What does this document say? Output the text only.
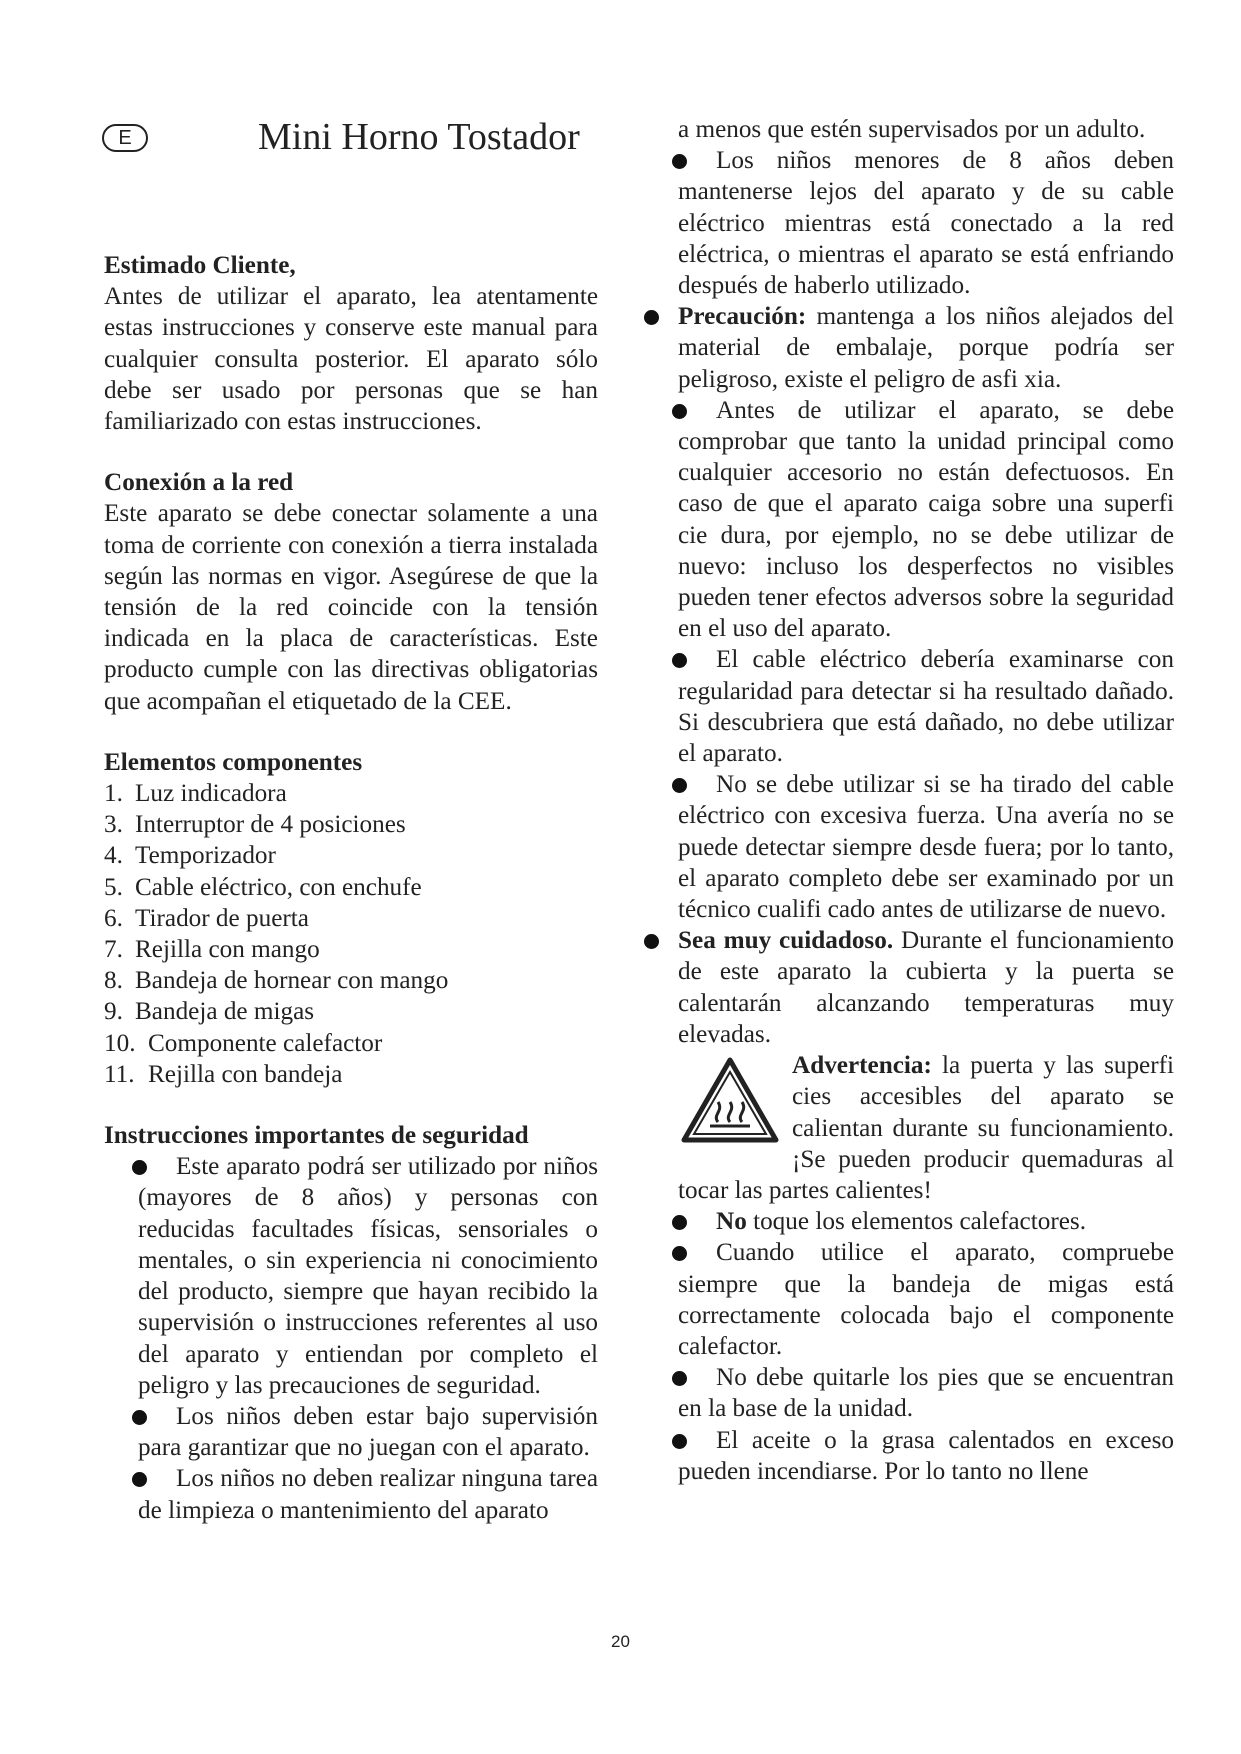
E	Mini Horno Tostador
Estimado Cliente,

Antes de utilizar el aparato, lea atentamente estas instrucciones y conserve este manual para cualquier consulta posterior. El aparato sólo debe ser usado por personas que se han familiarizado con estas instrucciones.

Conexión a la red

Este aparato se debe conectar solamente a una toma de corriente con conexión a tierra instalada según las normas en vigor. Asegúrese de que la tensión de la red coincide con la tensión indicada en la placa de características. Este producto cumple con las directivas obligatorias que acompañan el etiquetado de la CEE.

Elementos componentes
1. Luz indicadora
3. Interruptor de 4 posiciones
4. Temporizador
5. Cable eléctrico, con enchufe
6. Tirador de puerta
7. Rejilla con mango
8. Bandeja de hornear con mango
9. Bandeja de migas
10. Componente calefactor
11. Rejilla con bandeja
Instrucciones importantes de seguridad
Este aparato podrá ser utilizado por niños (mayores de 8 años) y personas con reducidas facultades físicas, sensoriales o mentales, o sin experiencia ni conocimiento del producto, siempre que hayan recibido la supervisión o instrucciones referentes al uso del aparato y entiendan por completo el peligro y las precauciones de seguridad.
Los niños deben estar bajo supervisión para garantizar que no juegan con el aparato.
Los niños no deben realizar ninguna tarea de limpieza o mantenimiento del aparato

a menos que estén supervisados por un adulto.

Los niños menores de 8 años deben mantenerse lejos del aparato y de su cable eléctrico mientras está conectado a la red eléctrica, o mientras el aparato se está enfriando después de haberlo utilizado.
Precaución: mantenga a los niños alejados del material de embalaje, porque podría ser peligroso, existe el peligro de asfi xia.
Antes de utilizar el aparato, se debe comprobar que tanto la unidad principal como cualquier accesorio no están defectuosos. En caso de que el aparato caiga sobre una superfi cie dura, por ejemplo, no se debe utilizar de nuevo: incluso los desperfectos no visibles pueden tener efectos adversos sobre la seguridad en el uso del aparato.
El cable eléctrico debería examinarse con regularidad para detectar si ha resultado dañado. Si descubriera que está dañado, no debe utilizar el aparato.
No se debe utilizar si se ha tirado del cable eléctrico con excesiva fuerza. Una avería no se puede detectar siempre desde fuera; por lo tanto, el aparato completo debe ser examinado por un técnico cualifi cado antes de utilizarse de nuevo.
Sea muy cuidadoso. Durante el funcionamiento de este aparato la cubierta y la puerta se calentarán alcanzando temperaturas muy elevadas.

Advertencia: la puerta y las superfi cies accesibles del aparato se calientan durante su funcionamiento. ¡Se pueden producir quemaduras al tocar las partes calientes!

No toque los elementos calefactores.
Cuando utilice el aparato, compruebe siempre que la bandeja de migas está correctamente colocada bajo el componente calefactor.
No debe quitarle los pies que se encuentran en la base de la unidad.
El aceite o la grasa calentados en exceso pueden incendiarse. Por lo tanto no llene
20
